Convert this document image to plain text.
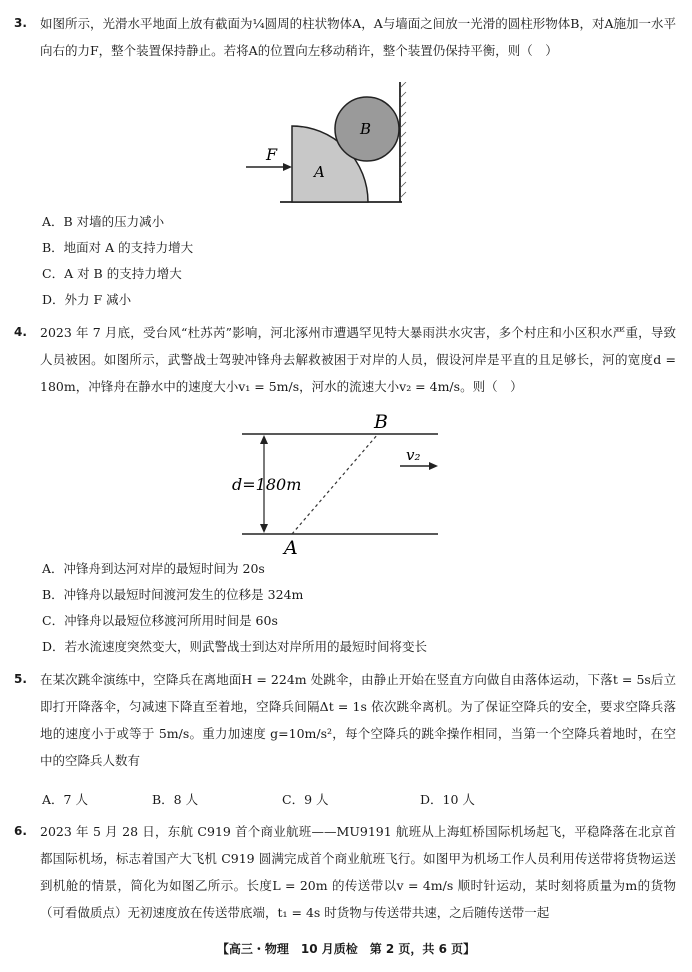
3. 如图所示，光滑水平地面上放有截面为¼圆周的柱状物体A，A与墙面之间放一光滑的圆柱形物体B，对A施加一水平向右的力F，整个装置保持静止。若将A的位置向左移动稍许，整个装置仍保持平衡，则（　）
F
A
B
A．B 对墙的压力减小
B．地面对 A 的支持力增大
C．A 对 B 的支持力增大
D．外力 F 减小
4. 2023 年 7 月底，受台风“杜苏芮”影响，河北涿州市遭遇罕见特大暴雨洪水灾害，多个村庄和小区积水严重，导致人员被困。如图所示，武警战士驾驶冲锋舟去解救被困于对岸的人员，假设河岸是平直的且足够长，河的宽度d = 180m，冲锋舟在静水中的速度大小v₁ = 5m/s，河水的流速大小v₂ = 4m/s。则（　）
B
A
d=180m
v₂
A．冲锋舟到达河对岸的最短时间为 20s
B．冲锋舟以最短时间渡河发生的位移是 324m
C．冲锋舟以最短位移渡河所用时间是 60s
D．若水流速度突然变大，则武警战士到达对岸所用的最短时间将变长
5. 在某次跳伞演练中，空降兵在离地面H = 224m 处跳伞，由静止开始在竖直方向做自由落体运动，下落t = 5s后立即打开降落伞，匀减速下降直至着地，空降兵间隔Δt = 1s 依次跳伞离机。为了保证空降兵的安全，要求空降兵落地的速度小于或等于 5m/s。重力加速度 g=10m/s²，每个空降兵的跳伞操作相同，当第一个空降兵着地时，在空中的空降兵人数有
A．7 人	B．8 人	C．9 人	D．10 人
6. 2023 年 5 月 28 日，东航 C919 首个商业航班——MU9191 航班从上海虹桥国际机场起飞，平稳降落在北京首都国际机场，标志着国产大飞机 C919 圆满完成首个商业航班飞行。如图甲为机场工作人员利用传送带将货物运送到机舱的情景，简化为如图乙所示。长度L = 20m 的传送带以v = 4m/s 顺时针运动，某时刻将质量为m的货物（可看做质点）无初速度放在传送带底端，t₁ = 4s 时货物与传送带共速，之后随传送带一起
【高三・物理　10 月质检　第 2 页，共 6 页】
